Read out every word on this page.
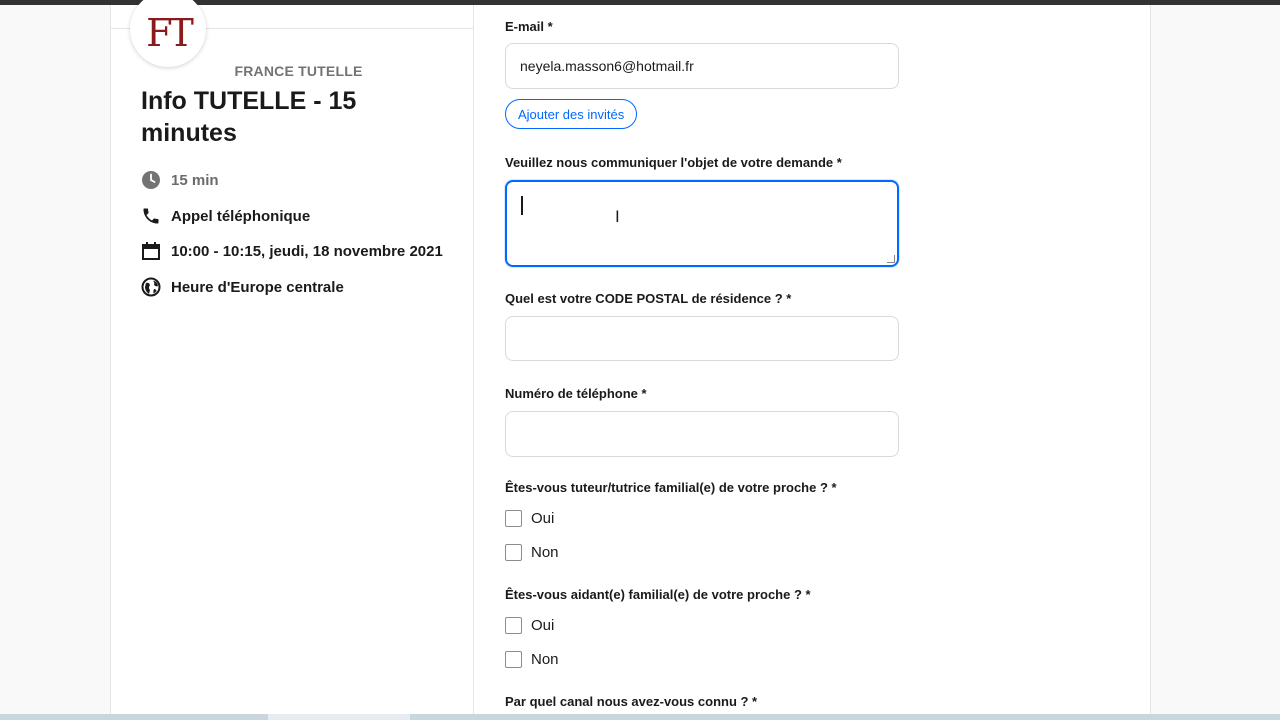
FT
FRANCE TUTELLE
Info TUTELLE - 15 minutes
15 min
Appel téléphonique
10:00 - 10:15, jeudi, 18 novembre 2021
Heure d'Europe centrale
E-mail *
neyela.masson6@hotmail.fr
Ajouter des invités
Veuillez nous communiquer l'objet de votre demande *
I
Quel est votre CODE POSTAL de résidence ? *
Numéro de téléphone *
Êtes-vous tuteur/tutrice familial(e) de votre proche ? *
Oui
Non
Êtes-vous aidant(e) familial(e) de votre proche ? *
Oui
Non
Par quel canal nous avez-vous connu ? *
